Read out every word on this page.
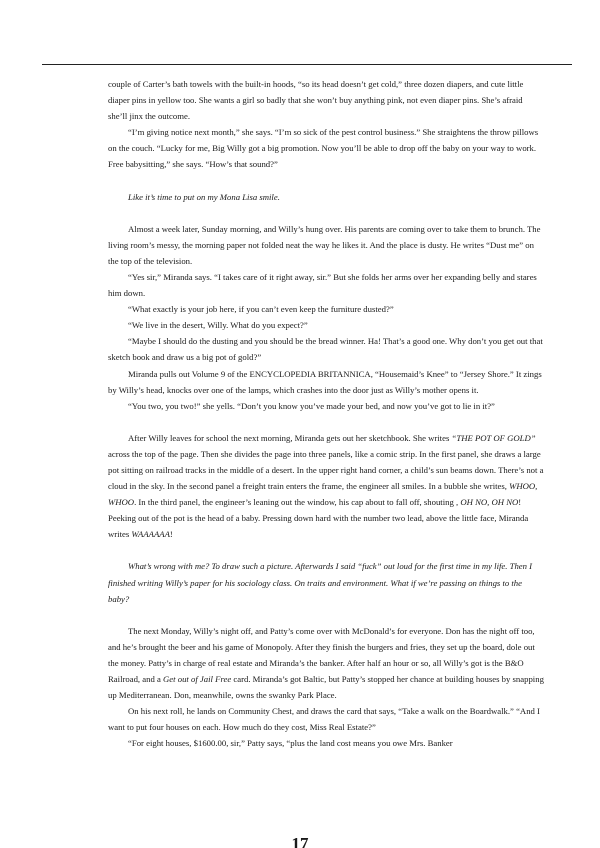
couple of Carter’s bath towels with the built-in hoods, “so its head doesn’t get cold,” three dozen diapers, and cute little diaper pins in yellow too. She wants a girl so badly that she won’t buy anything pink, not even diaper pins. She’s afraid she’ll jinx the outcome.

“I’m giving notice next month,” she says. “I’m so sick of the pest control business.” She straightens the throw pillows on the couch. “Lucky for me, Big Willy got a big promotion. Now you’ll be able to drop off the baby on your way to work. Free babysitting,” she says. “How’s that sound?”

Like it’s time to put on my Mona Lisa smile.

Almost a week later, Sunday morning, and Willy’s hung over. His parents are coming over to take them to brunch. The living room’s messy, the morning paper not folded neat the way he likes it. And the place is dusty. He writes “Dust me” on the top of the television.

“Yes sir,” Miranda says. “I takes care of it right away, sir.” But she folds her arms over her expanding belly and stares him down.

“What exactly is your job here, if you can’t even keep the furniture dusted?”

“We live in the desert, Willy. What do you expect?”

“Maybe I should do the dusting and you should be the bread winner. Ha! That’s a good one. Why don’t you get out that sketch book and draw us a big pot of gold?”

Miranda pulls out Volume 9 of the ENCYCLOPEDIA BRITANNICA, “Housemaid’s Knee” to “Jersey Shore.” It zings by Willy’s head, knocks over one of the lamps, which crashes into the door just as Willy’s mother opens it.

“You two, you two!” she yells. “Don’t you know you’ve made your bed, and now you’ve got to lie in it?”

After Willy leaves for school the next morning, Miranda gets out her sketchbook. She writes “THE POT OF GOLD” across the top of the page. Then she divides the page into three panels, like a comic strip. In the first panel, she draws a large pot sitting on railroad tracks in the middle of a desert. In the upper right hand corner, a child’s sun beams down. There’s not a cloud in the sky. In the second panel a freight train enters the frame, the engineer all smiles. In a bubble she writes, WHOO, WHOO. In the third panel, the engineer’s leaning out the window, his cap about to fall off, shouting , OH NO, OH NO! Peeking out of the pot is the head of a baby. Pressing down hard with the number two lead, above the little face, Miranda writes WAAAAAA!

What’s wrong with me? To draw such a picture. Afterwards I said “fuck” out loud for the first time in my life. Then I finished writing Willy’s paper for his sociology class. On traits and environment. What if we’re passing on things to the baby?

The next Monday, Willy’s night off, and Patty’s come over with McDonald’s for everyone. Don has the night off too, and he’s brought the beer and his game of Monopoly. After they finish the burgers and fries, they set up the board, dole out the money. Patty’s in charge of real estate and Miranda’s the banker. After half an hour or so, all Willy’s got is the B&O Railroad, and a Get out of Jail Free card. Miranda’s got Baltic, but Patty’s stopped her chance at building houses by snapping up Mediterranean. Don, meanwhile, owns the swanky Park Place.

On his next roll, he lands on Community Chest, and draws the card that says, “Take a walk on the Boardwalk.” “And I want to put four houses on each. How much do they cost, Miss Real Estate?”

“For eight houses, $1600.00, sir,” Patty says, “plus the land cost means you owe Mrs. Banker

17
